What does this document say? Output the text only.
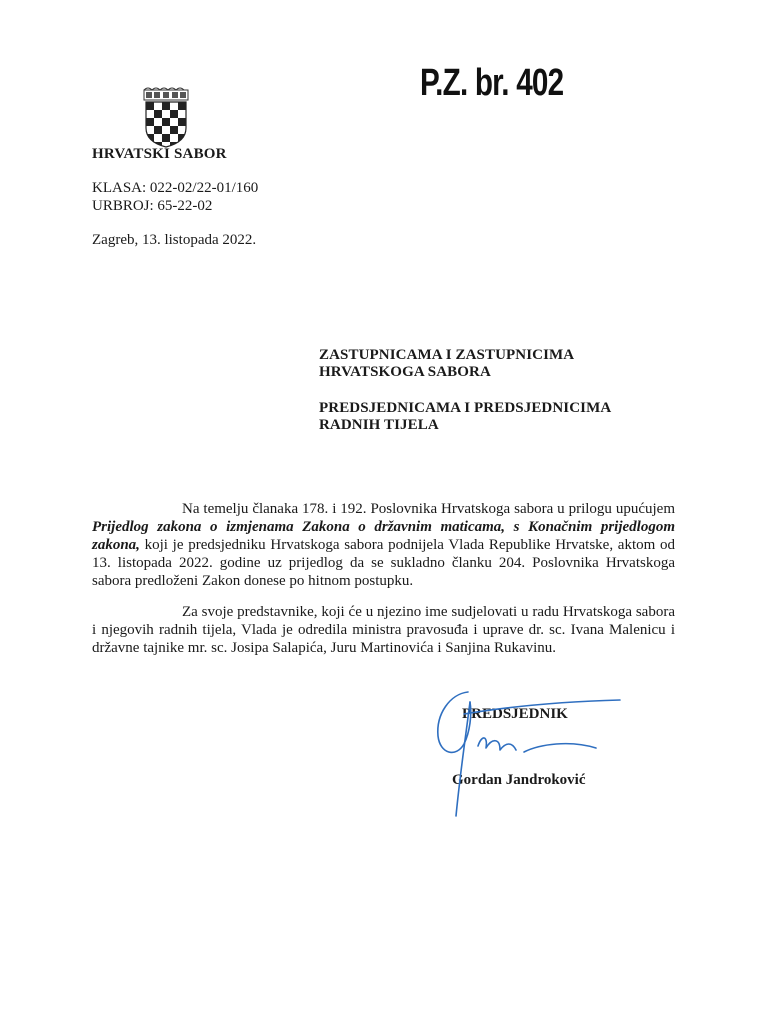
P.Z. br. 402
HRVATSKI SABOR
KLASA: 022-02/22-01/160
URBROJ: 65-22-02
Zagreb, 13. listopada 2022.
ZASTUPNICAMA I ZASTUPNICIMA
HRVATSKOGA SABORA
PREDSJEDNICAMA I PREDSJEDNICIMA
RADNIH TIJELA
Na temelju članaka 178. i 192. Poslovnika Hrvatskoga sabora u prilogu upućujem Prijedlog zakona o izmjenama Zakona o državnim maticama, s Konačnim prijedlogom zakona, koji je predsjedniku Hrvatskoga sabora podnijela Vlada Republike Hrvatske, aktom od 13. listopada 2022. godine uz prijedlog da se sukladno članku 204. Poslovnika Hrvatskoga sabora predloženi Zakon donese po hitnom postupku.
Za svoje predstavnike, koji će u njezino ime sudjelovati u radu Hrvatskoga sabora i njegovih radnih tijela, Vlada je odredila ministra pravosuđa i uprave dr. sc. Ivana Malenicu i državne tajnike mr. sc. Josipa Salapića, Juru Martinovića i Sanjina Rukavinu.
PREDSJEDNIK
Gordan Jandroković
